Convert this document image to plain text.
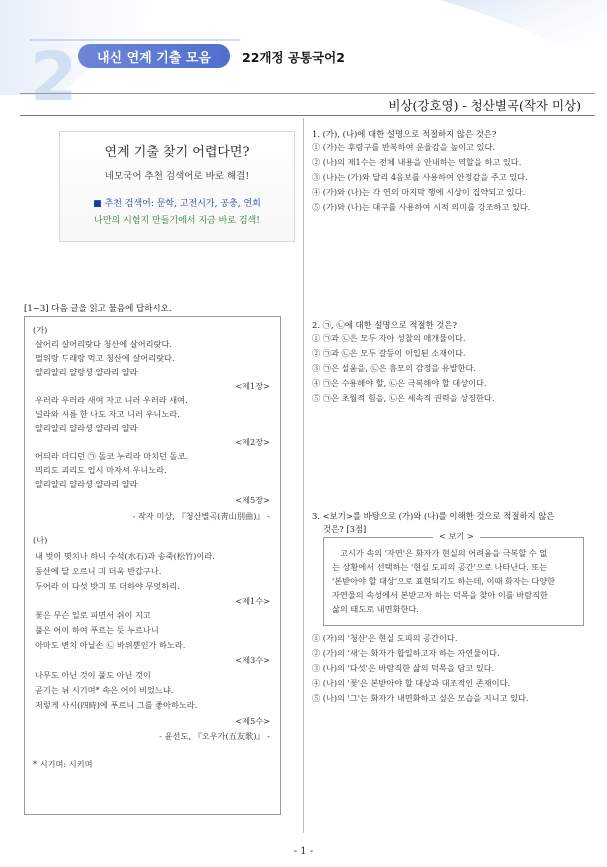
2	내신 연계 기출 모음	22개정 공통국어2
비상(강호영) - 청산별곡(작자 미상)
연계 기출 찾기 어렵다면?
네모국어 추천 검색어로 바로 해결!
■ 추천 검색어: 문학, 고전시가, 공충, 연희
나만의 시험지 만들기에서 지금 바로 검색!
[1~3] 다음 글을 읽고 물음에 답하시오.
(가)
살어리 살어리랏다 청산에 살어리랏다.
멀위랑 ᄃᆞ래랑 먹고 청산에 살어리랏다.
얄리얄리 얄랑셩 얄라리 얄라
<제1장>
우러라 우러라 새여 자고 니러 우러라 새여.
널라와 시름 한 나도 자고 니러 우니노라.
얄리얄리 얄라셩 얄라리 얄라
<제2장>
어듸라 더디던 ㉠ 돌코 누리라 마치던 돌코.
믜리도 괴리도 업시 마자셔 우니노라.
얄리얄리 얄라셩 얄라리 얄라
<제5장>
- 작자 미상, 『청산별곡(靑山別曲)』 -
(나)
내 벗이 몃치나 하니 수석(水石)과 송죽(松竹)이라.
동산에 달 오르니 긔 더욱 반갑구나.
두어라 이 다섯 밧긔 또 더하야 무엇하리.
<제1수>
꽃은 무슨 일로 피면서 쉬이 지고
풀은 어이 하여 푸르는 듯 누르나니
아마도 변치 아닐손 ㉡ 바위뿐인가 하노라.
<제3수>
나무도 아닌 것이 풀도 아닌 것이
곧기는 뉘 시기며* 속은 어이 비었느냐.
저렇게 사시(四時)에 푸르니 그를 좋아하노라.
<제5수>
- 윤선도, 『오우가(五友歌)』 -
* 시기며: 시키며
1. (가), (나)에 대한 설명으로 적절하지 않은 것은?
① (가)는 후렴구를 반복하여 운율감을 높이고 있다.
② (나)의 제1수는 전체 내용을 안내하는 역할을 하고 있다.
③ (나)는 (가)와 달리 4음보를 사용하여 안정감을 주고 있다.
④ (가)와 (나)는 각 연의 마지막 행에 시상이 집약되고 있다.
⑤ (가)와 (나)는 대구를 사용하여 시적 의미를 강조하고 있다.
2. ㉠, ㉡에 대한 설명으로 적절한 것은?
① ㉠과 ㉡은 모두 자아 성찰의 매개물이다.
② ㉠과 ㉡은 모두 갈등이 이입된 소재이다.
③ ㉠은 설움을, ㉡은 흠모의 감정을 유발한다.
④ ㉠은 수용해야 할, ㉡은 극복해야 할 대상이다.
⑤ ㉠은 초월적 힘을, ㉡은 세속적 권력을 상징한다.
3. <보기>를 바탕으로 (가)와 (나)를 이해한 것으로 적절하지 않은
것은? [3점]
< 보기 >
고시가 속의 '자연'은 화자가 현실의 어려움을 극복할 수 없
는 상황에서 선택하는 '현실 도피의 공간'으로 나타난다. 또는
'본받아야 할 대상'으로 표현되기도 하는데, 이때 화자는 다양한
자연물의 속성에서 본받고자 하는 덕목을 찾아 이를 바람직한
삶의 태도로 내면화한다.
① (가)의 '청산'은 현실 도피의 공간이다.
② (가)의 '새'는 화자가 합일하고자 하는 자연물이다.
③ (나)의 '다섯'은 바람직한 삶의 덕목을 담고 있다.
④ (나)의 '꽃'은 본받아야 할 대상과 대조적인 존재이다.
⑤ (나)의 '그'는 화자가 내면화하고 싶은 모습을 지니고 있다.
- 1 -
